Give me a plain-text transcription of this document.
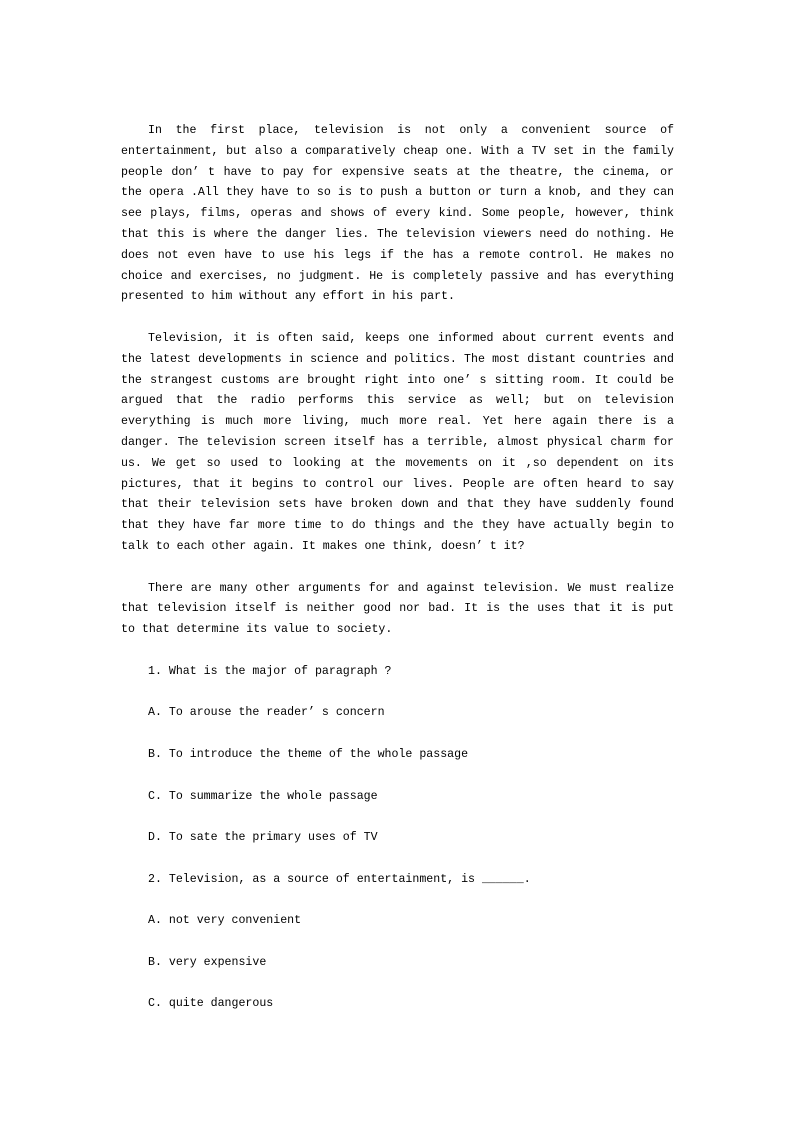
In the first place, television is not only a convenient source of
entertainment, but also a comparatively cheap one. With a TV set in the family
people don’ t have to pay for expensive seats at the theatre, the cinema, or
the opera .All they have to so is to push a button or turn a knob, and they can
see plays, films, operas and shows of every kind. Some people, however, think
that this is where the danger lies. The television viewers need do nothing. He
does not even have to use his legs if the has a remote control. He makes no
choice and exercises, no judgment. He is completely passive and has everything
presented to him without any effort in his part.
Television, it is often said, keeps one informed about current events and
the latest developments in science and politics. The most distant countries and
the strangest customs are brought right into one’ s sitting room. It could be
argued that the radio performs this service as well; but on television
everything is much more living, much more real. Yet here again there is a
danger. The television screen itself has a terrible, almost physical charm for
us. We get so used to looking at the movements on it ,so dependent on its
pictures, that it begins to control our lives. People are often heard to say
that their television sets have broken down and that they have suddenly found
that they have far more time to do things and the they have actually begin to
talk to each other again. It makes one think, doesn’ t it?
There are many other arguments for and against television. We must realize
that television itself is neither good nor bad. It is the uses that it is put
to that determine its value to society.
1. What is the major of paragraph ?
A. To arouse the reader’ s concern
B. To introduce the theme of the whole passage
C. To summarize the whole passage
D. To sate the primary uses of TV
2. Television, as a source of entertainment, is ______.
A. not very convenient
B. very expensive
C. quite dangerous
